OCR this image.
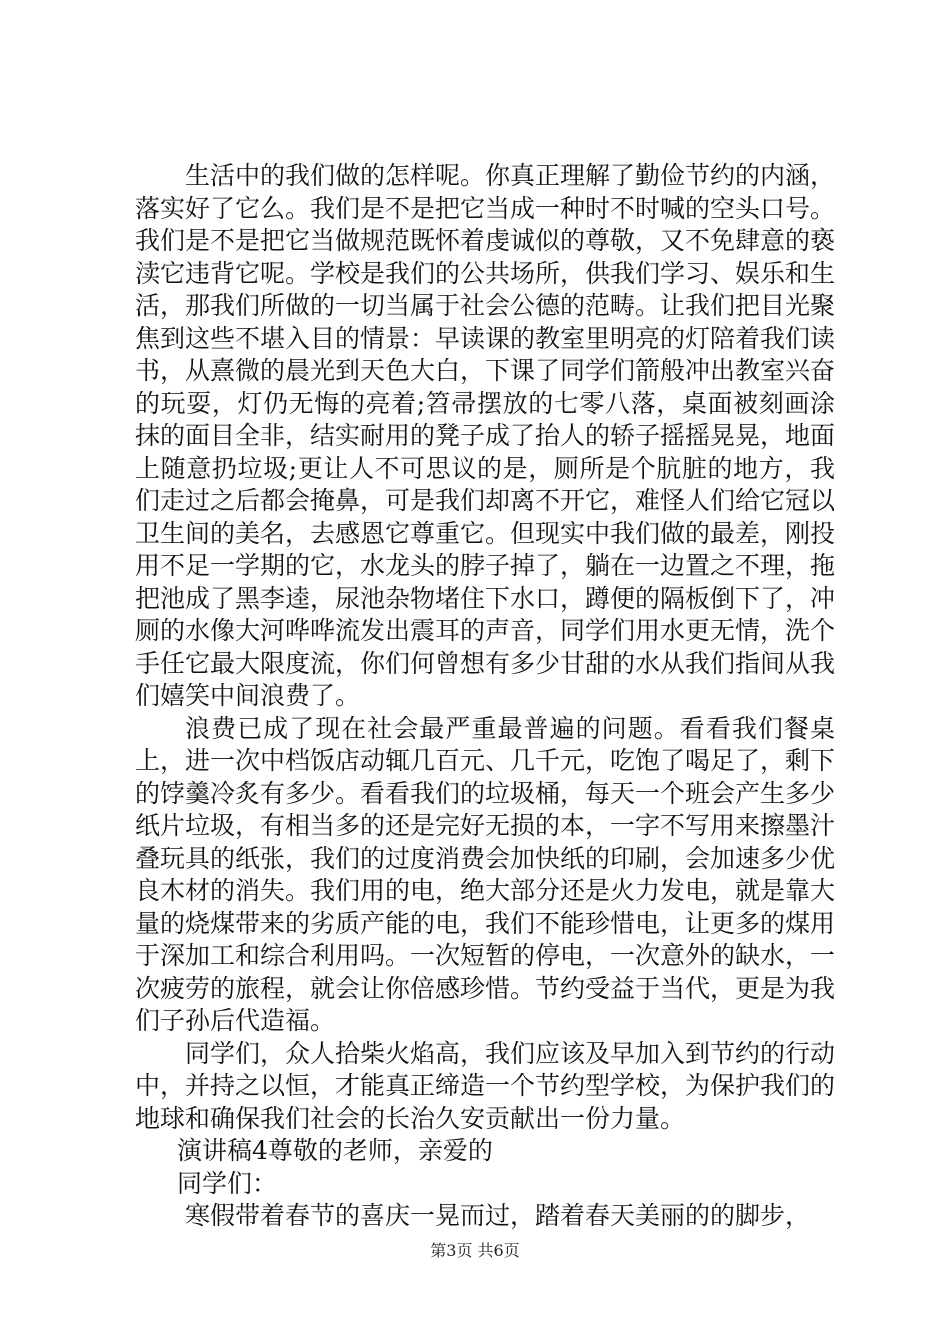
生活中的我们做的怎样呢。你真正理解了勤俭节约的内涵，落实好了它么。我们是不是把它当成一种时不时喊的空头口号。我们是不是把它当做规范既怀着虔诚似的尊敬，又不免肆意的亵渎它违背它呢。学校是我们的公共场所，供我们学习、娱乐和生活，那我们所做的一切当属于社会公德的范畴。让我们把目光聚焦到这些不堪入目的情景：早读课的教室里明亮的灯陪着我们读书，从熹微的晨光到天色大白，下课了同学们箭般冲出教室兴奋的玩耍，灯仍无悔的亮着;笤帚摆放的七零八落，桌面被刻画涂抹的面目全非，结实耐用的凳子成了抬人的轿子摇摇晃晃，地面上随意扔垃圾;更让人不可思议的是，厕所是个肮脏的地方，我们走过之后都会掩鼻，可是我们却离不开它，难怪人们给它冠以卫生间的美名，去感恩它尊重它。但现实中我们做的最差，刚投用不足一学期的它，水龙头的脖子掉了，躺在一边置之不理，拖把池成了黑李逵，尿池杂物堵住下水口，蹲便的隔板倒下了，冲厕的水像大河哗哗流发出震耳的声音，同学们用水更无情，洗个手任它最大限度流，你们何曾想有多少甘甜的水从我们指间从我们嬉笑中间浪费了。

浪费已成了现在社会最严重最普遍的问题。看看我们餐桌上，进一次中档饭店动辄几百元、几千元，吃饱了喝足了，剩下的饽羹冷炙有多少。看看我们的垃圾桶，每天一个班会产生多少纸片垃圾，有相当多的还是完好无损的本，一字不写用来擦墨汁叠玩具的纸张，我们的过度消费会加快纸的印刷，会加速多少优良木材的消失。我们用的电，绝大部分还是火力发电，就是靠大量的烧煤带来的劣质产能的电，我们不能珍惜电，让更多的煤用于深加工和综合利用吗。一次短暂的停电，一次意外的缺水，一次疲劳的旅程，就会让你倍感珍惜。节约受益于当代，更是为我们子孙后代造福。

同学们，众人拾柴火焰高，我们应该及早加入到节约的行动中，并持之以恒，才能真正缔造一个节约型学校，为保护我们的地球和确保我们社会的长治久安贡献出一份力量。

演讲稿4尊敬的老师，亲爱的

同学们：

寒假带着春节的喜庆一晃而过，踏着春天美丽的的脚步，

第3页 共6页
